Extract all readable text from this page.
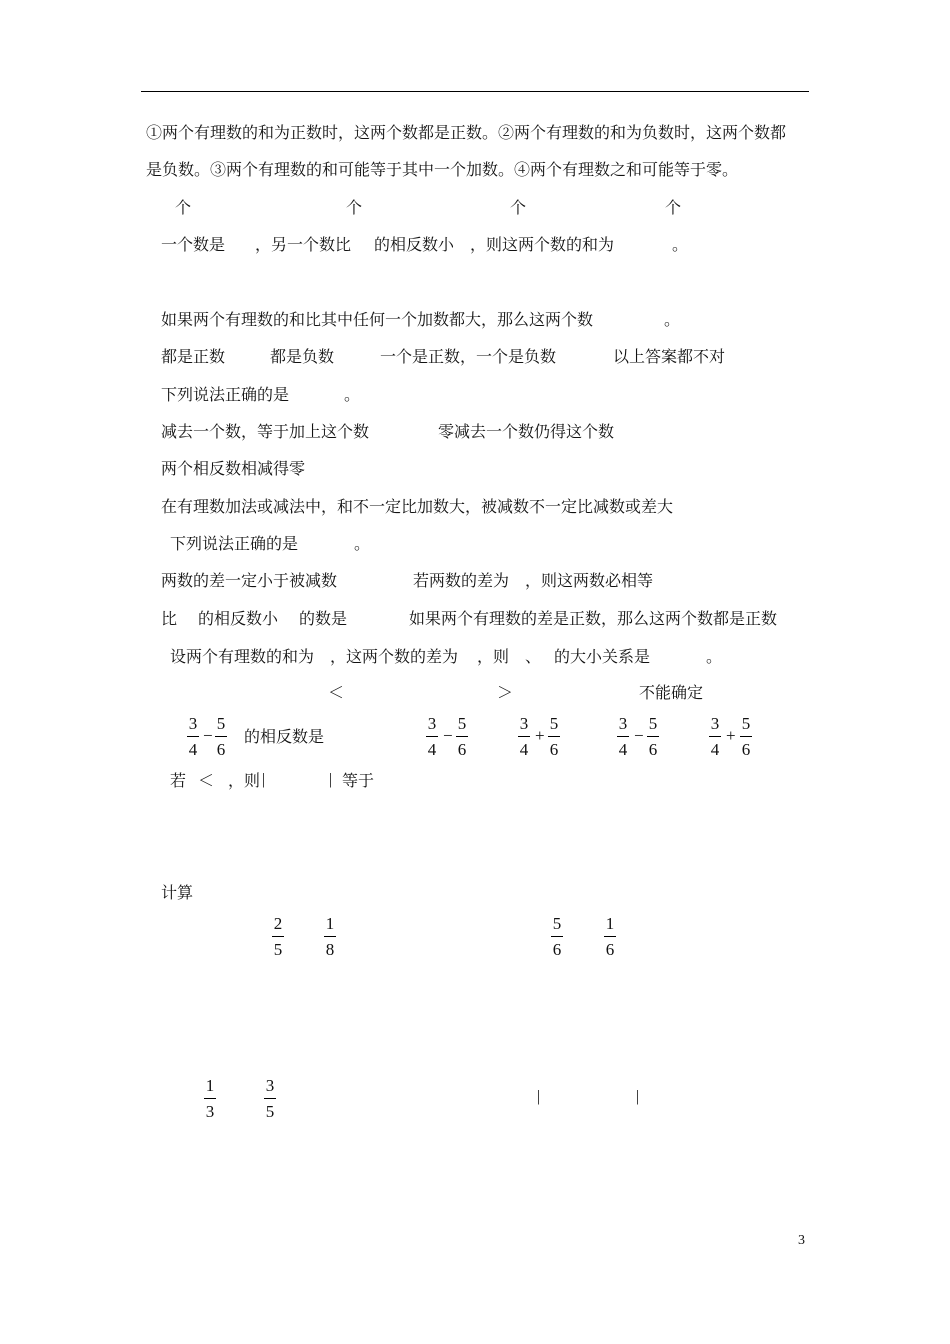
①两个有理数的和为正数时，这两个数都是正数。②两个有理数的和为负数时，这两个数都
是负数。③两个有理数的和可能等于其中一个加数。④两个有理数之和可能等于零。
个	个	个	个
一个数是 ，另一个数比 的相反数小 ，则这两个数的和为	。
如果两个有理数的和比其中任何一个加数都大，那么这两个数	。
都是正数	都是负数	一个是正数，一个是负数	以上答案都不对
下列说法正确的是	。
减去一个数，等于加上这个数	零减去一个数仍得这个数
两个相反数相减得零
在有理数加法或减法中，和不一定比加数大，被减数不一定比减数或差大
下列说法正确的是	。
两数的差一定小于被减数	若两数的差为 ，则这两数必相等
比 的相反数小 的数是	如果两个有理数的差是正数，那么这两个数都是正数
设两个有理数的和为 ，这两个数的差为 ，则 、 的大小关系是	。
＜	＞	不能确定
3
4
−
5
6
的相反数是
3
4
−
5
6
3
4
+
5
6
3
4
−
5
6
3
4
+
5
6
若 ＜ ，则 |	| 等于
计算
2
5
1
8
5
6
1
6
1
3
3
5
|	|
3
